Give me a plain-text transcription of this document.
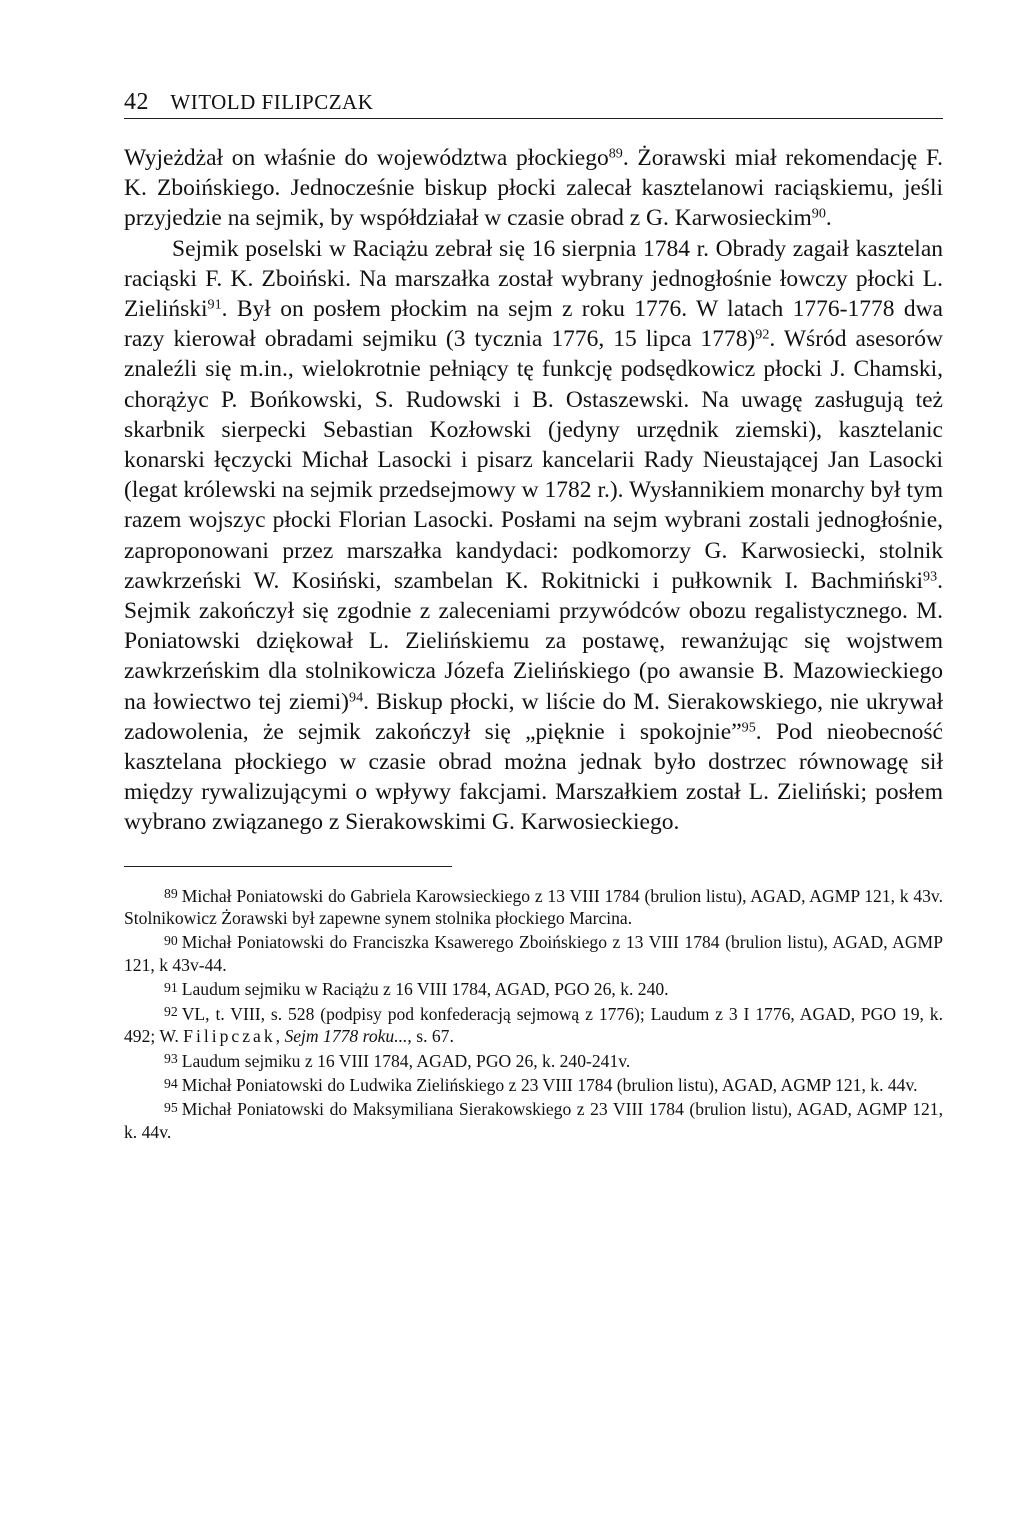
42 WITOLD FILIPCZAK

Wyjeżdżał on właśnie do województwa płockiego$^{89}$. Żorawski miał rekomendację F. K. Zboińskiego. Jednocześnie biskup płocki zalecał kasztelanowi raciąskiemu, jeśli przyjedzie na sejmik, by współdziałał w czasie obrad z G. Karwosieckim$^{90}$.

Sejmik poselski w Raciążu zebrał się 16 sierpnia 1784 r. Obrady zagaił kasztelan raciąski F. K. Zboiński. Na marszałka został wybrany jednogłośnie łowczy płocki L. Zieliński$^{91}$. Był on posłem płockim na sejm z roku 1776. W latach 1776-1778 dwa razy kierował obradami sejmiku (3 tycznia 1776, 15 lipca 1778)$^{92}$. Wśród asesorów znaleźli się m.in., wielokrotnie pełniący tę funkcję podsędkowicz płocki J. Chamski, chorążyc P. Bońkowski, S. Rudowski i B. Ostaszewski. Na uwagę zasługują też skarbnik sierpecki Sebastian Kozłowski (jedyny urzędnik ziemski), kasztelanic konarski łęczycki Michał Lasocki i pisarz kancelarii Rady Nieustającej Jan Lasocki (legat królewski na sejmik przedsejmowy w 1782 r.). Wysłannikiem monarchy był tym razem wojszyc płocki Florian Lasocki. Posłami na sejm wybrani zostali jednogłośnie, zaproponowani przez marszałka kandydaci: podkomorzy G. Karwosiecki, stolnik zawkrzeński W. Kosiński, szambelan K. Rokitnicki i pułkownik I. Bachmiński$^{93}$. Sejmik zakończył się zgodnie z zaleceniami przywódców obozu regalistycznego. M. Poniatowski dziękował L. Zielińskiemu za postawę, rewanżując się wojstwem zawkrzeńskim dla stolnikowicza Józefa Zielińskiego (po awansie B. Mazowieckiego na łowiectwo tej ziemi)$^{94}$. Biskup płocki, w liście do M. Sierakowskiego, nie ukrywał zadowolenia, że sejmik zakończył się „pięknie i spokojnie”$^{95}$. Pod nieobecność kasztelana płockiego w czasie obrad można jednak było dostrzec równowagę sił między rywalizującymi o wpływy fakcjami. Marszałkiem został L. Zieliński; posłem wybrano związanego z Sierakowskimi G. Karwosieckiego.

89 Michał Poniatowski do Gabriela Karowsieckiego z 13 VIII 1784 (brulion listu), AGAD, AGMP 121, k 43v. Stolnikowicz Żorawski był zapewne synem stolnika płockiego Marcina.

90 Michał Poniatowski do Franciszka Ksawerego Zboińskiego z 13 VIII 1784 (brulion listu), AGAD, AGMP 121, k 43v-44.

91 Laudum sejmiku w Raciążu z 16 VIII 1784, AGAD, PGO 26, k. 240.

92 VL, t. VIII, s. 528 (podpisy pod konfederacją sejmową z 1776); Laudum z 3 I 1776, AGAD, PGO 19, k. 492; W. Filipczak, Sejm 1778 roku..., s. 67.

93 Laudum sejmiku z 16 VIII 1784, AGAD, PGO 26, k. 240-241v.

94 Michał Poniatowski do Ludwika Zielińskiego z 23 VIII 1784 (brulion listu), AGAD, AGMP 121, k. 44v.

95 Michał Poniatowski do Maksymiliana Sierakowskiego z 23 VIII 1784 (brulion listu), AGAD, AGMP 121, k. 44v.
